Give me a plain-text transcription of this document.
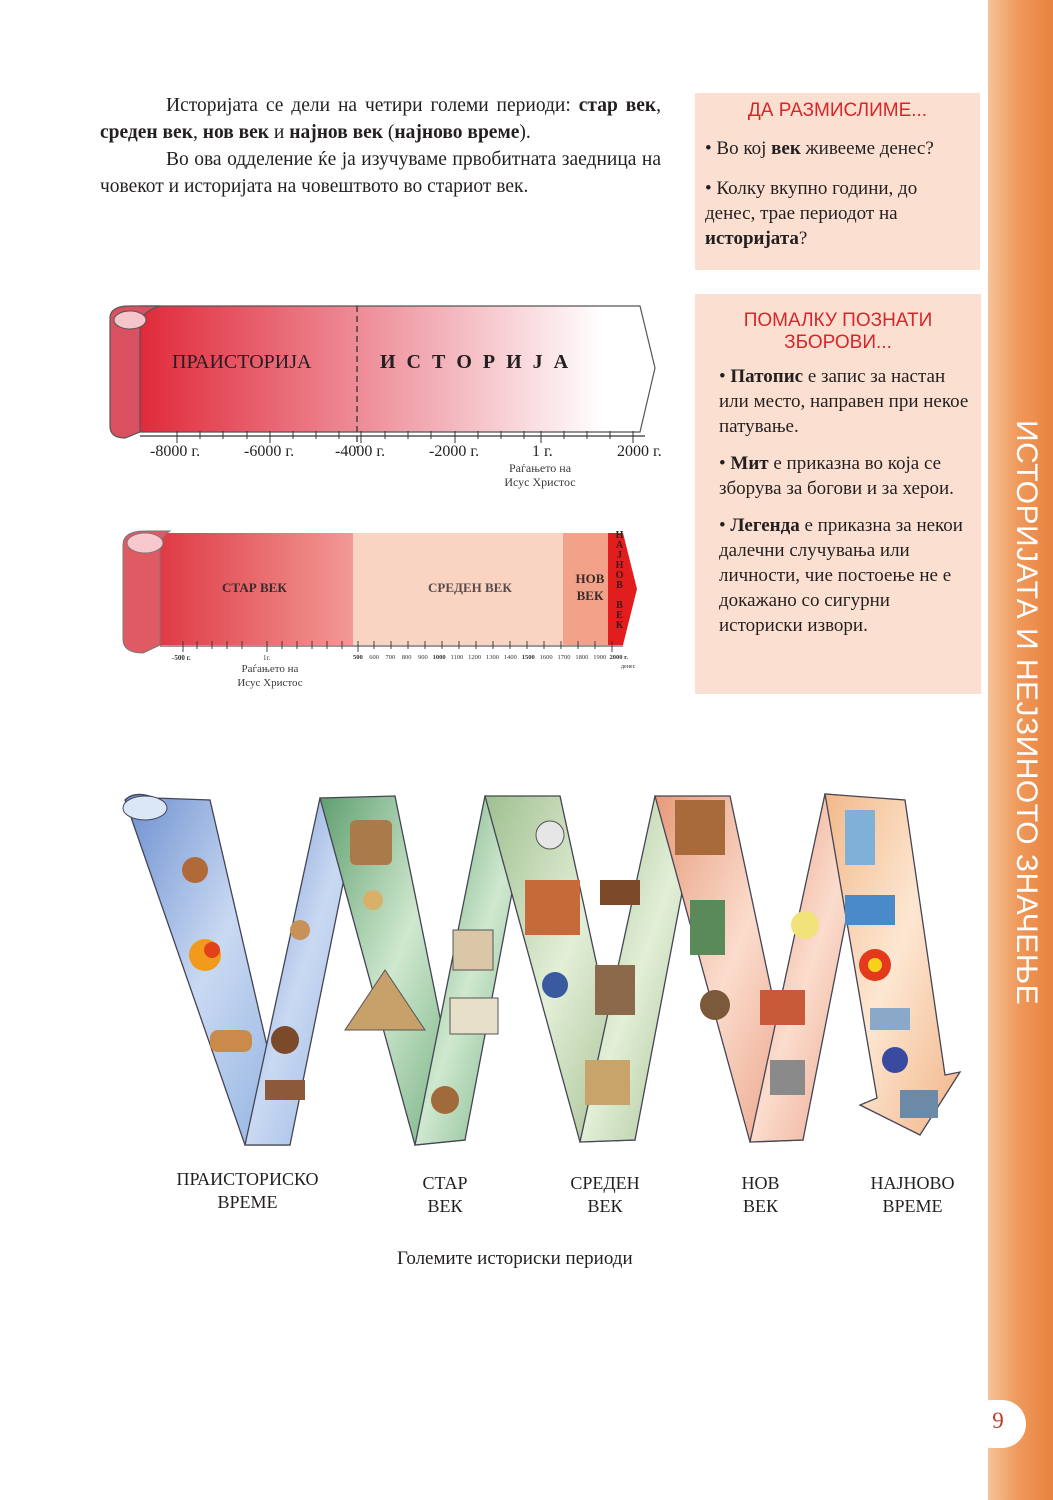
ИСТОРИЈАТА И НЕЈЗИНОТО ЗНАЧЕЊЕ
9

Историјата се дели на четири големи периоди: стар век, среден век, нов век и најнов век (најново време).

Во ова одделение ќе ја изучуваме првобитната заедница на човекот и историјата на човештвото во стариот век.

ДА РАЗМИСЛИМЕ...
• Во кој век живееме денес?
• Колку вкупно години, до денес, трае периодот на историјата?
ПОМАЛКУ ПОЗНАТИ
ЗБОРОВИ...
• Патопис е запис за настан или место, направен при некое патување.
• Мит е приказна во која се зборува за богови и за херои.
• Легенда е приказна за некои далечни случувања или личности, чие постоење не е докажано со сигурни историски извори.
ПРАИСТОРИЈА	И С Т О Р И Ј А
-8000 г.	-6000 г.	-4000 г.	-2000 г.	1 г.	2000 г.
Раѓањето на
Исус Христос
СТАР ВЕК	СРЕДЕН ВЕК
НОВ
ВЕК	НАЈНОВ ВЕК
-500 г.	1г.	500 600 700 800 900 1000 1100 1200 1300 1400 1500 1600 1700 1800 1900 2000 г.
денес
Раѓањето на
Исус Христос
ПРАИСТОРИСКО
ВРЕМЕ
СТАР
ВЕК
СРЕДЕН
ВЕК
НОВ
ВЕК
НАЈНОВО
ВРЕМЕ
Големите историски периоди
